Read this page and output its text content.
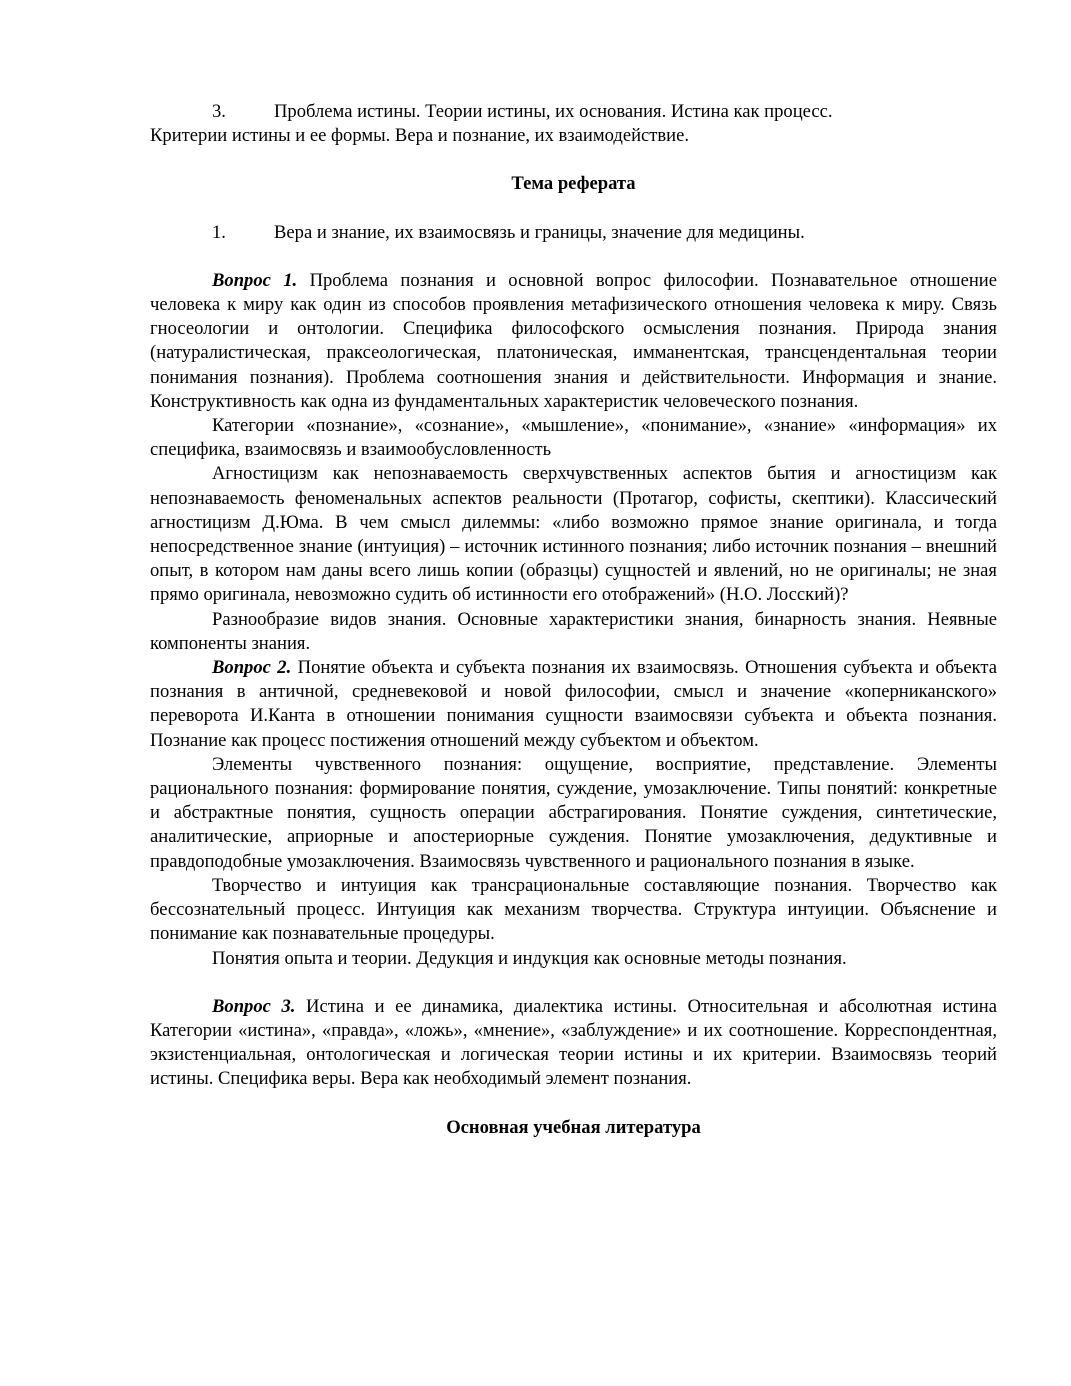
3.	Проблема истины. Теории истины, их основания. Истина как процесс.

Критерии истины и ее формы. Вера и познание, их взаимодействие.

Тема реферата

1.	Вера и знание, их взаимосвязь и границы, значение для медицины.

Вопрос 1. Проблема познания и основной вопрос философии. Познавательное отношение человека к миру как один из способов проявления метафизического отношения человека к миру. Связь гносеологии и онтологии. Специфика философского осмысления познания. Природа знания (натуралистическая, праксеологическая, платоническая, имманентская, трансцендентальная теории понимания познания). Проблема соотношения знания и действительности. Информация и знание. Конструктивность как одна из фундаментальных характеристик человеческого познания.

Категории «познание», «сознание», «мышление», «понимание», «знание» «информация» их специфика, взаимосвязь и взаимообусловленность

Агностицизм как непознаваемость сверхчувственных аспектов бытия и агностицизм как непознаваемость феноменальных аспектов реальности (Протагор, софисты, скептики). Классический агностицизм Д.Юма. В чем смысл дилеммы: «либо возможно прямое знание оригинала, и тогда непосредственное знание (интуиция) – источник истинного познания; либо источник познания – внешний опыт, в котором нам даны всего лишь копии (образцы) сущностей и явлений, но не оригиналы; не зная прямо оригинала, невозможно судить об истинности его отображений» (Н.О. Лосский)?

Разнообразие видов знания. Основные характеристики знания, бинарность знания. Неявные компоненты знания.

Вопрос 2. Понятие объекта и субъекта познания их взаимосвязь. Отношения субъекта и объекта познания в античной, средневековой и новой философии, смысл и значение «коперниканского» переворота И.Канта в отношении понимания сущности взаимосвязи субъекта и объекта познания. Познание как процесс постижения отношений между субъектом и объектом.

Элементы чувственного познания: ощущение, восприятие, представление. Элементы рационального познания: формирование понятия, суждение, умозаключение. Типы понятий: конкретные и абстрактные понятия, сущность операции абстрагирования. Понятие суждения, синтетические, аналитические, априорные и апостериорные суждения. Понятие умозаключения, дедуктивные и правдоподобные умозаключения. Взаимосвязь чувственного и рационального познания в языке.

Творчество и интуиция как трансрациональные составляющие познания. Творчество как бессознательный процесс. Интуиция как механизм творчества. Структура интуиции. Объяснение и понимание как познавательные процедуры.

Понятия опыта и теории. Дедукция и индукция как основные методы познания.

Вопрос 3. Истина и ее динамика, диалектика истины. Относительная и абсолютная истина Категории «истина», «правда», «ложь», «мнение», «заблуждение» и их соотношение. Корреспондентная, экзистенциальная, онтологическая и логическая теории истины и их критерии. Взаимосвязь теорий истины. Специфика веры. Вера как необходимый элемент познания.

Основная учебная литература
